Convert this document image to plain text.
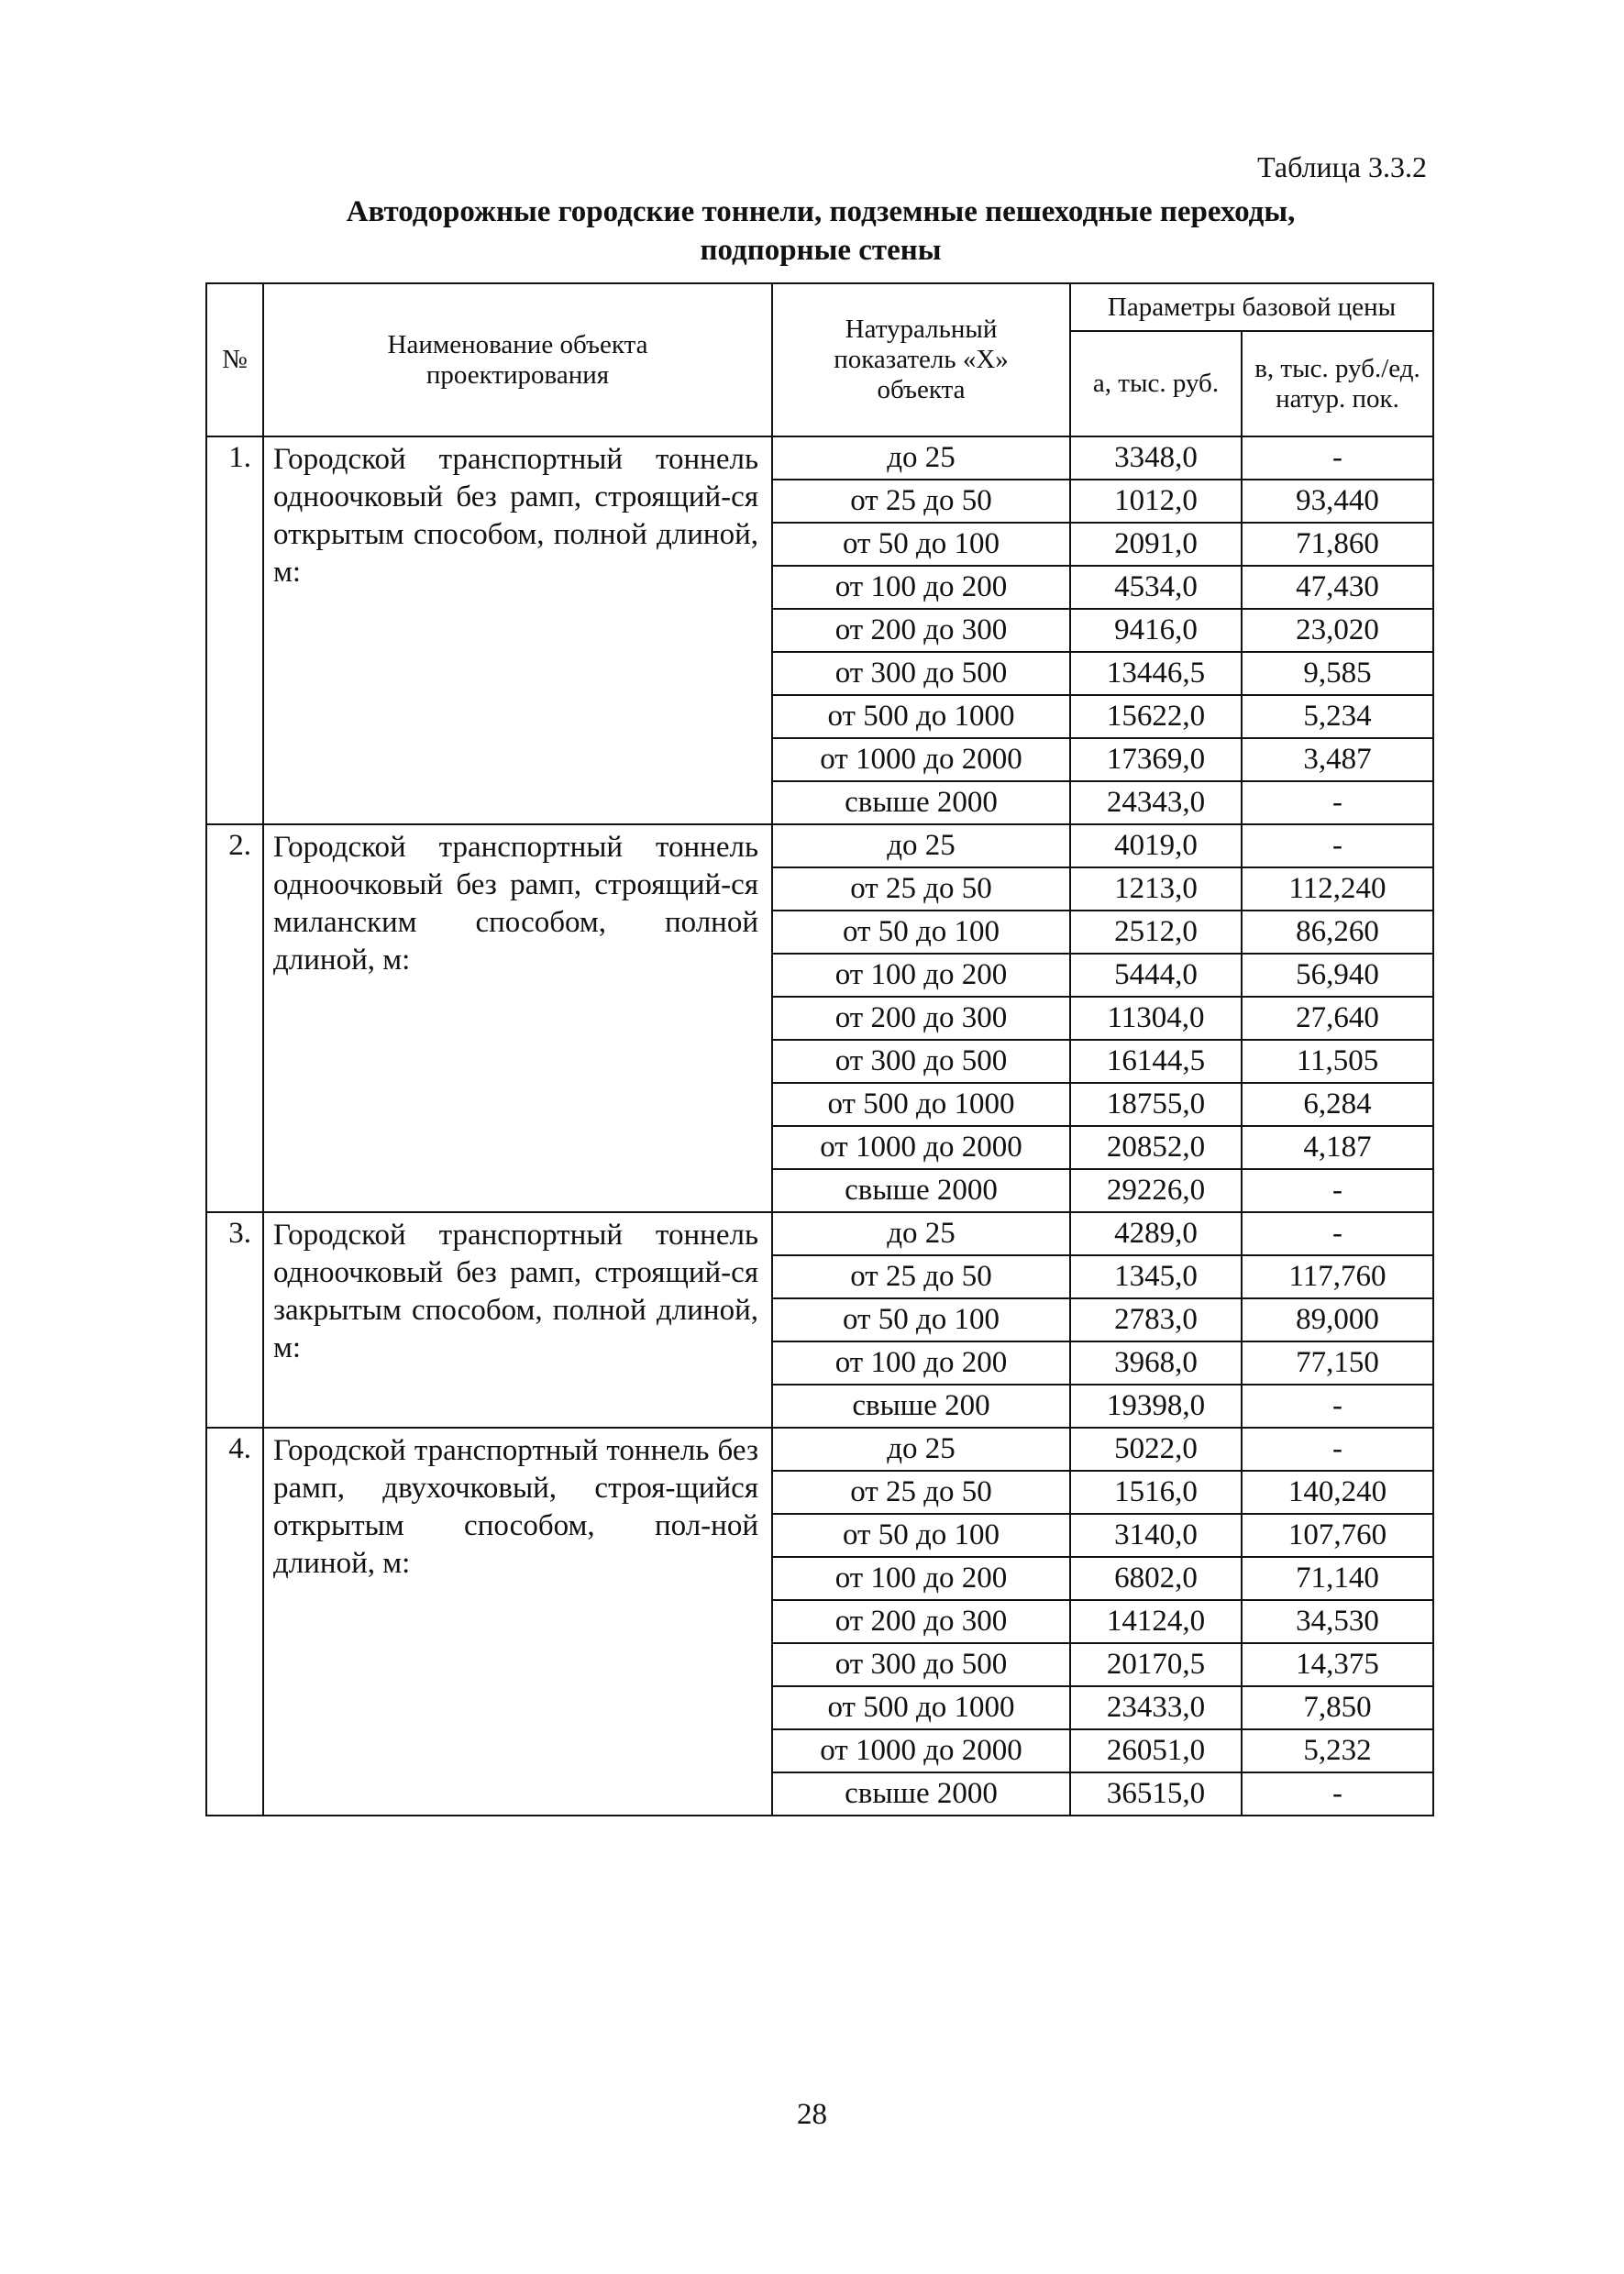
Таблица 3.3.2
Автодорожные городские тоннели, подземные пешеходные переходы,
подпорные стены
№	Наименование объекта проектирования	Натуральный показатель «Х» объекта	Параметры базовой цены	
			а, тыс. руб.	в, тыс. руб./ед. натур. пок.
1.	Городской транспортный тоннель одноочковый без рамп, строящий-ся открытым способом, полной длиной, м:	до 25	3348,0	-
		от 25 до 50	1012,0	93,440
		от 50 до 100	2091,0	71,860
		от 100 до 200	4534,0	47,430
		от 200 до 300	9416,0	23,020
		от 300 до 500	13446,5	9,585
		от 500 до 1000	15622,0	5,234
		от 1000 до 2000	17369,0	3,487
		свыше 2000	24343,0	-
2.	Городской транспортный тоннель одноочковый без рамп, строящий-ся миланским способом, полной длиной, м:	до 25	4019,0	-
		от 25 до 50	1213,0	112,240
		от 50 до 100	2512,0	86,260
		от 100 до 200	5444,0	56,940
		от 200 до 300	11304,0	27,640
		от 300 до 500	16144,5	11,505
		от 500 до 1000	18755,0	6,284
		от 1000 до 2000	20852,0	4,187
		свыше 2000	29226,0	-
3.	Городской транспортный тоннель одноочковый без рамп, строящий-ся закрытым способом, полной длиной, м:	до 25	4289,0	-
		от 25 до 50	1345,0	117,760
		от 50 до 100	2783,0	89,000
		от 100 до 200	3968,0	77,150
		свыше 200	19398,0	-
4.	Городской транспортный тоннель без рамп, двухочковый, строя-щийся открытым способом, пол-ной длиной, м:	до 25	5022,0	-
		от 25 до 50	1516,0	140,240
		от 50 до 100	3140,0	107,760
		от 100 до 200	6802,0	71,140
		от 200 до 300	14124,0	34,530
		от 300 до 500	20170,5	14,375
		от 500 до 1000	23433,0	7,850
		от 1000 до 2000	26051,0	5,232
		свыше 2000	36515,0	-
28
